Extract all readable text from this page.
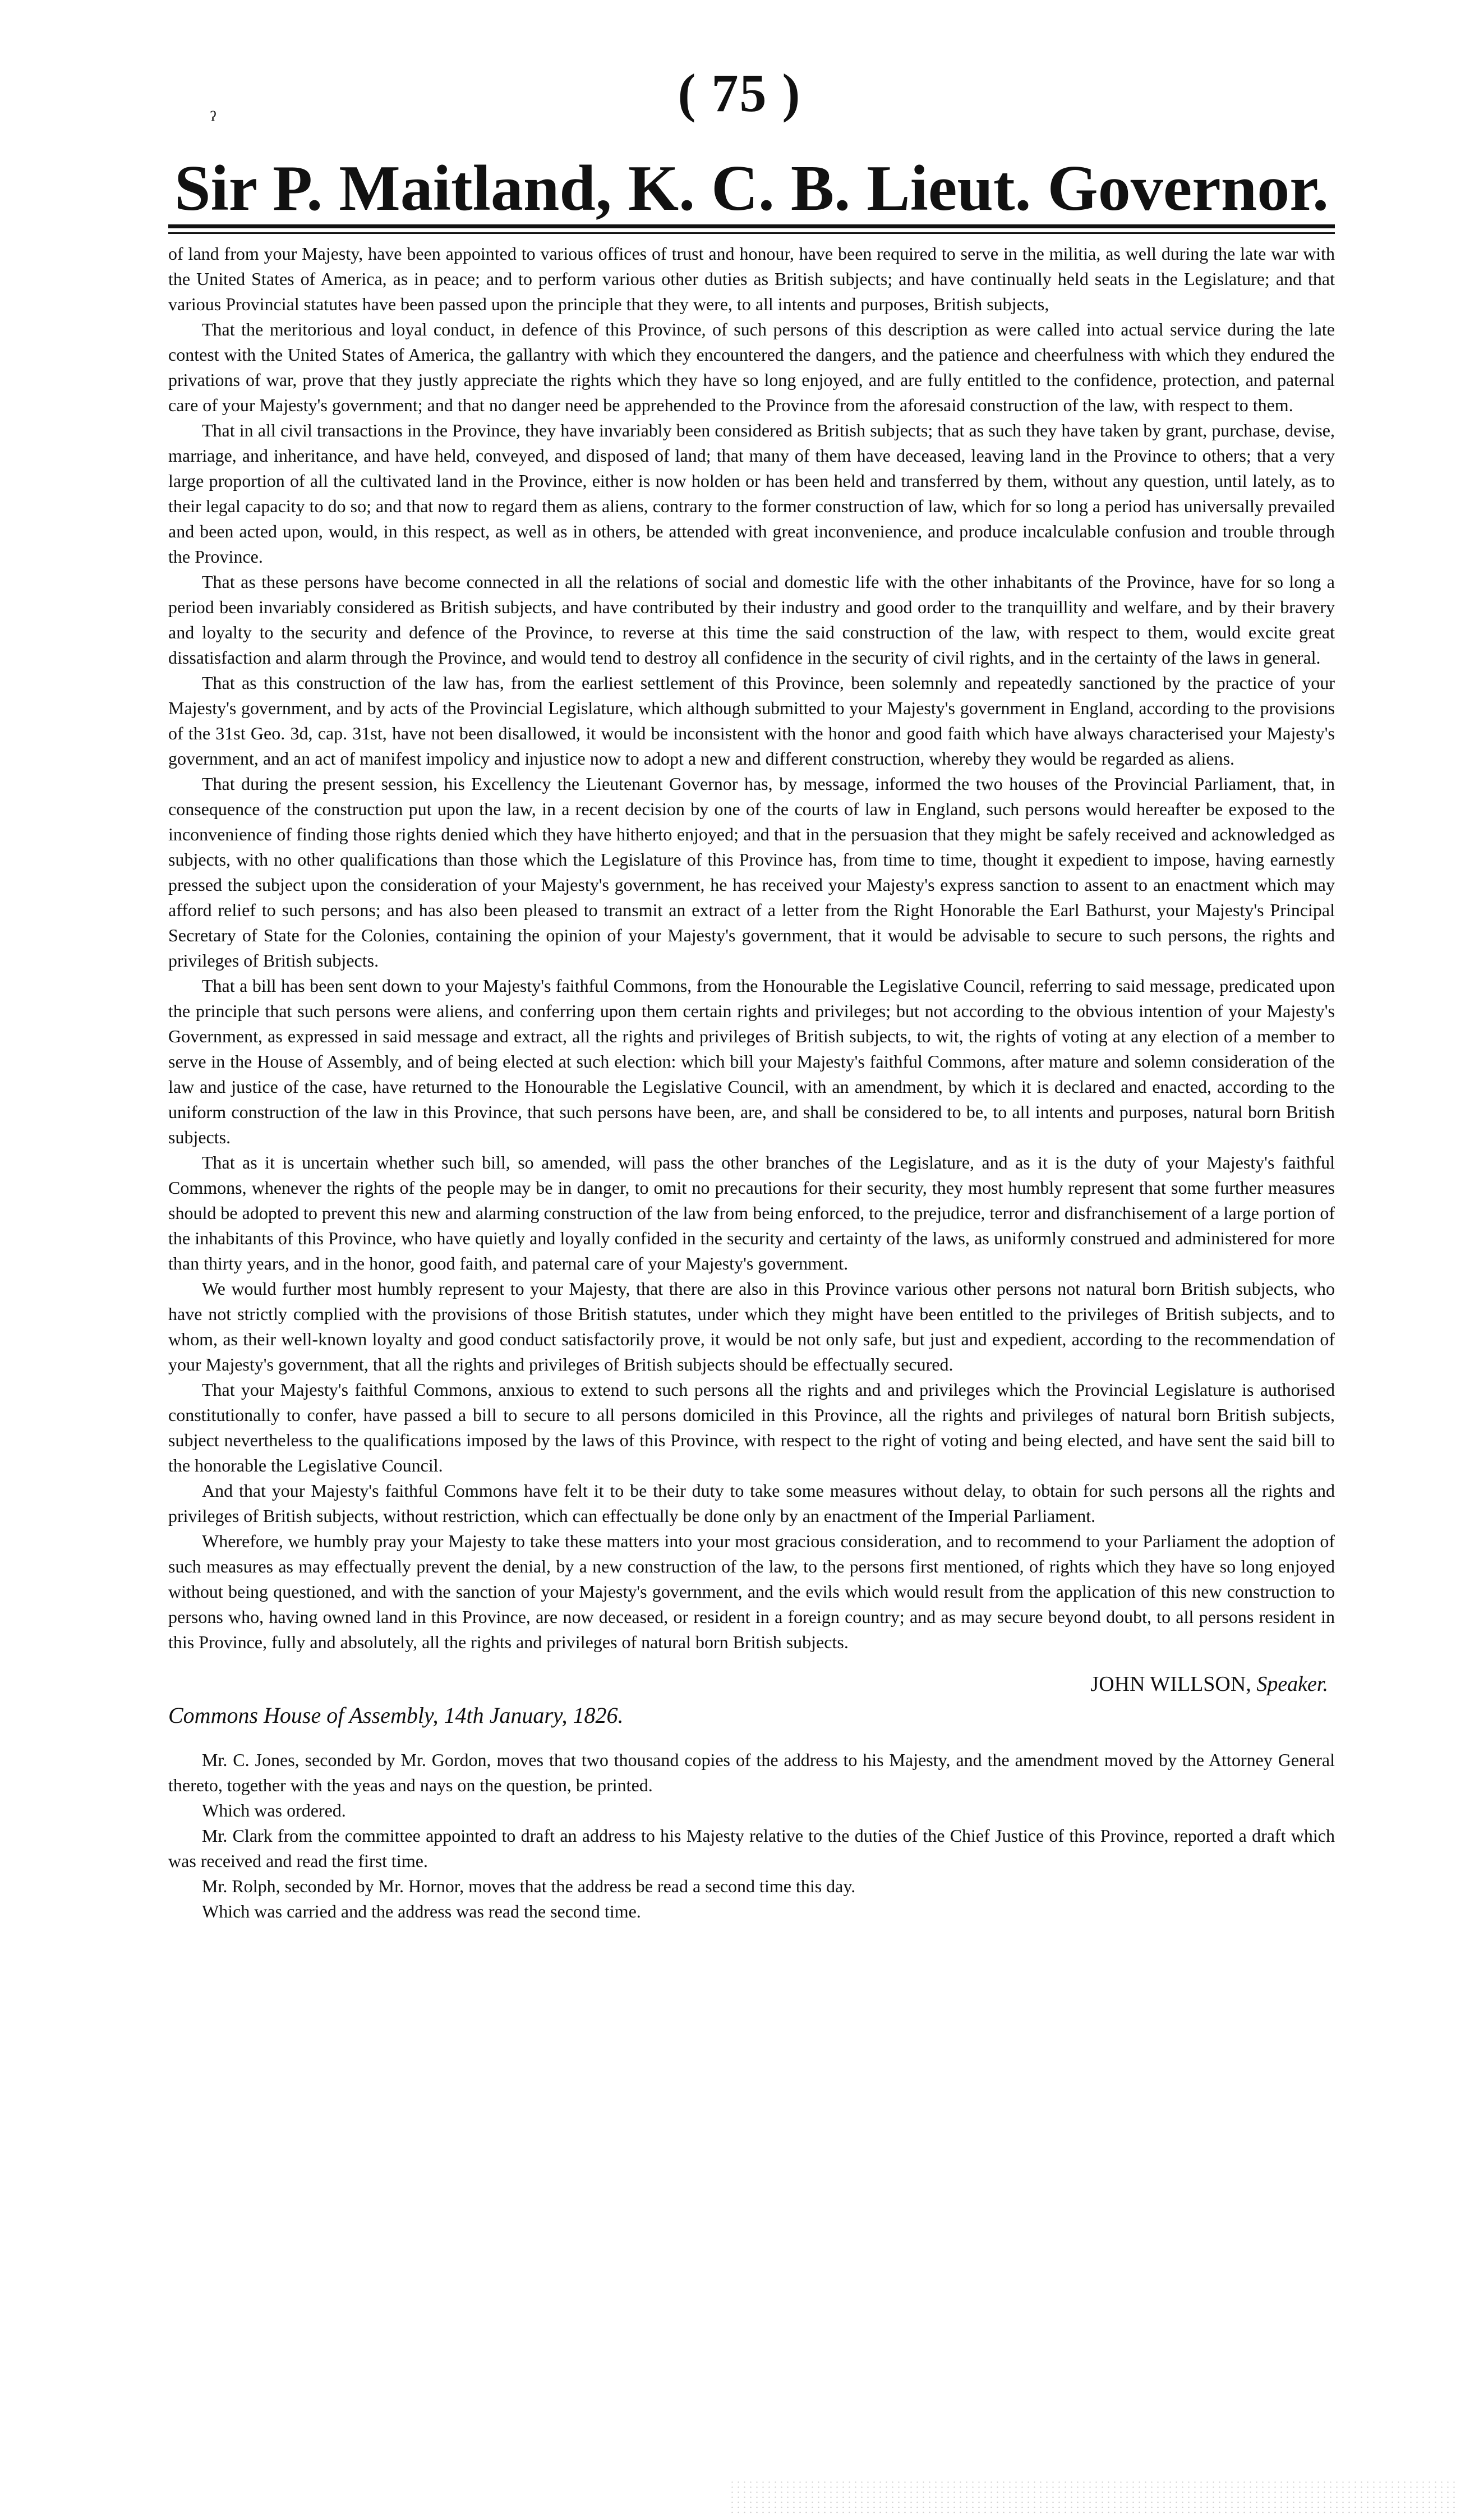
( 75 )
ˀ
Sir P. Maitland, K. C. B. Lieut. Governor.

of land from your Majesty, have been appointed to various offices of trust and honour, have been required to serve in the militia, as well during the late war with the United States of America, as in peace; and to perform various other duties as British subjects; and have continually held seats in the Legislature; and that various Provincial statutes have been passed upon the principle that they were, to all intents and purposes, British subjects,

That the meritorious and loyal conduct, in defence of this Province, of such persons of this description as were called into actual service during the late contest with the United States of America, the gallantry with which they encountered the dangers, and the patience and cheerfulness with which they endured the privations of war, prove that they justly appreciate the rights which they have so long enjoyed, and are fully entitled to the confidence, protection, and paternal care of your Majesty's government; and that no danger need be apprehended to the Province from the aforesaid construction of the law, with respect to them.

That in all civil transactions in the Province, they have invariably been considered as British subjects; that as such they have taken by grant, purchase, devise, marriage, and inheritance, and have held, conveyed, and disposed of land; that many of them have deceased, leaving land in the Province to others; that a very large proportion of all the cultivated land in the Province, either is now holden or has been held and transferred by them, without any question, until lately, as to their legal capacity to do so; and that now to regard them as aliens, contrary to the former construction of law, which for so long a period has universally prevailed and been acted upon, would, in this respect, as well as in others, be attended with great inconvenience, and produce incalculable confusion and trouble through the Province.

That as these persons have become connected in all the relations of social and domestic life with the other inhabitants of the Province, have for so long a period been invariably considered as British subjects, and have contributed by their industry and good order to the tranquillity and welfare, and by their bravery and loyalty to the security and defence of the Province, to reverse at this time the said construction of the law, with respect to them, would excite great dissatisfaction and alarm through the Province, and would tend to destroy all confidence in the security of civil rights, and in the certainty of the laws in general.

That as this construction of the law has, from the earliest settlement of this Province, been solemnly and repeatedly sanctioned by the practice of your Majesty's government, and by acts of the Provincial Legislature, which although submitted to your Majesty's government in England, according to the provisions of the 31st Geo. 3d, cap. 31st, have not been disallowed, it would be inconsistent with the honor and good faith which have always characterised your Majesty's government, and an act of manifest impolicy and injustice now to adopt a new and different construction, whereby they would be regarded as aliens.

That during the present session, his Excellency the Lieutenant Governor has, by message, informed the two houses of the Provincial Parliament, that, in consequence of the construction put upon the law, in a recent decision by one of the courts of law in England, such persons would hereafter be exposed to the inconvenience of finding those rights denied which they have hitherto enjoyed; and that in the persuasion that they might be safely received and acknowledged as subjects, with no other qualifications than those which the Legislature of this Province has, from time to time, thought it expedient to impose, having earnestly pressed the subject upon the consideration of your Majesty's government, he has received your Majesty's express sanction to assent to an enactment which may afford relief to such persons; and has also been pleased to transmit an extract of a letter from the Right Honorable the Earl Bathurst, your Majesty's Principal Secretary of State for the Colonies, containing the opinion of your Majesty's government, that it would be advisable to secure to such persons, the rights and privileges of British subjects.

That a bill has been sent down to your Majesty's faithful Commons, from the Honourable the Legislative Council, referring to said message, predicated upon the principle that such persons were aliens, and conferring upon them certain rights and privileges; but not according to the obvious intention of your Majesty's Government, as expressed in said message and extract, all the rights and privileges of British subjects, to wit, the rights of voting at any election of a member to serve in the House of Assembly, and of being elected at such election: which bill your Majesty's faithful Commons, after mature and solemn consideration of the law and justice of the case, have returned to the Honourable the Legislative Council, with an amendment, by which it is declared and enacted, according to the uniform construction of the law in this Province, that such persons have been, are, and shall be considered to be, to all intents and purposes, natural born British subjects.

That as it is uncertain whether such bill, so amended, will pass the other branches of the Legislature, and as it is the duty of your Majesty's faithful Commons, whenever the rights of the people may be in danger, to omit no precautions for their security, they most humbly represent that some further measures should be adopted to prevent this new and alarming construction of the law from being enforced, to the prejudice, terror and disfranchisement of a large portion of the inhabitants of this Province, who have quietly and loyally confided in the security and certainty of the laws, as uniformly construed and administered for more than thirty years, and in the honor, good faith, and paternal care of your Majesty's government.

We would further most humbly represent to your Majesty, that there are also in this Province various other persons not natural born British subjects, who have not strictly complied with the provisions of those British statutes, under which they might have been entitled to the privileges of British subjects, and to whom, as their well-known loyalty and good conduct satisfactorily prove, it would be not only safe, but just and expedient, according to the recommendation of your Majesty's government, that all the rights and privileges of British subjects should be effectually secured.

That your Majesty's faithful Commons, anxious to extend to such persons all the rights and and privileges which the Provincial Legislature is authorised constitutionally to confer, have passed a bill to secure to all persons domiciled in this Province, all the rights and privileges of natural born British subjects, subject nevertheless to the qualifications imposed by the laws of this Province, with respect to the right of voting and being elected, and have sent the said bill to the honorable the Legislative Council.

And that your Majesty's faithful Commons have felt it to be their duty to take some measures without delay, to obtain for such persons all the rights and privileges of British subjects, without restriction, which can effectually be done only by an enactment of the Imperial Parliament.

Wherefore, we humbly pray your Majesty to take these matters into your most gracious consideration, and to recommend to your Parliament the adoption of such measures as may effectually prevent the denial, by a new construction of the law, to the persons first mentioned, of rights which they have so long enjoyed without being questioned, and with the sanction of your Majesty's government, and the evils which would result from the application of this new construction to persons who, having owned land in this Province, are now deceased, or resident in a foreign country; and as may secure beyond doubt, to all persons resident in this Province, fully and absolutely, all the rights and privileges of natural born British subjects.

Commons House of Assembly, 14th January, 1826.
JOHN WILLSON, Speaker.

Mr. C. Jones, seconded by Mr. Gordon, moves that two thousand copies of the address to his Majesty, and the amendment moved by the Attorney General thereto, together with the yeas and nays on the question, be printed.

Which was ordered.

Mr. Clark from the committee appointed to draft an address to his Majesty relative to the duties of the Chief Justice of this Province, reported a draft which was received and read the first time.

Mr. Rolph, seconded by Mr. Hornor, moves that the address be read a second time this day.

Which was carried and the address was read the second time.
